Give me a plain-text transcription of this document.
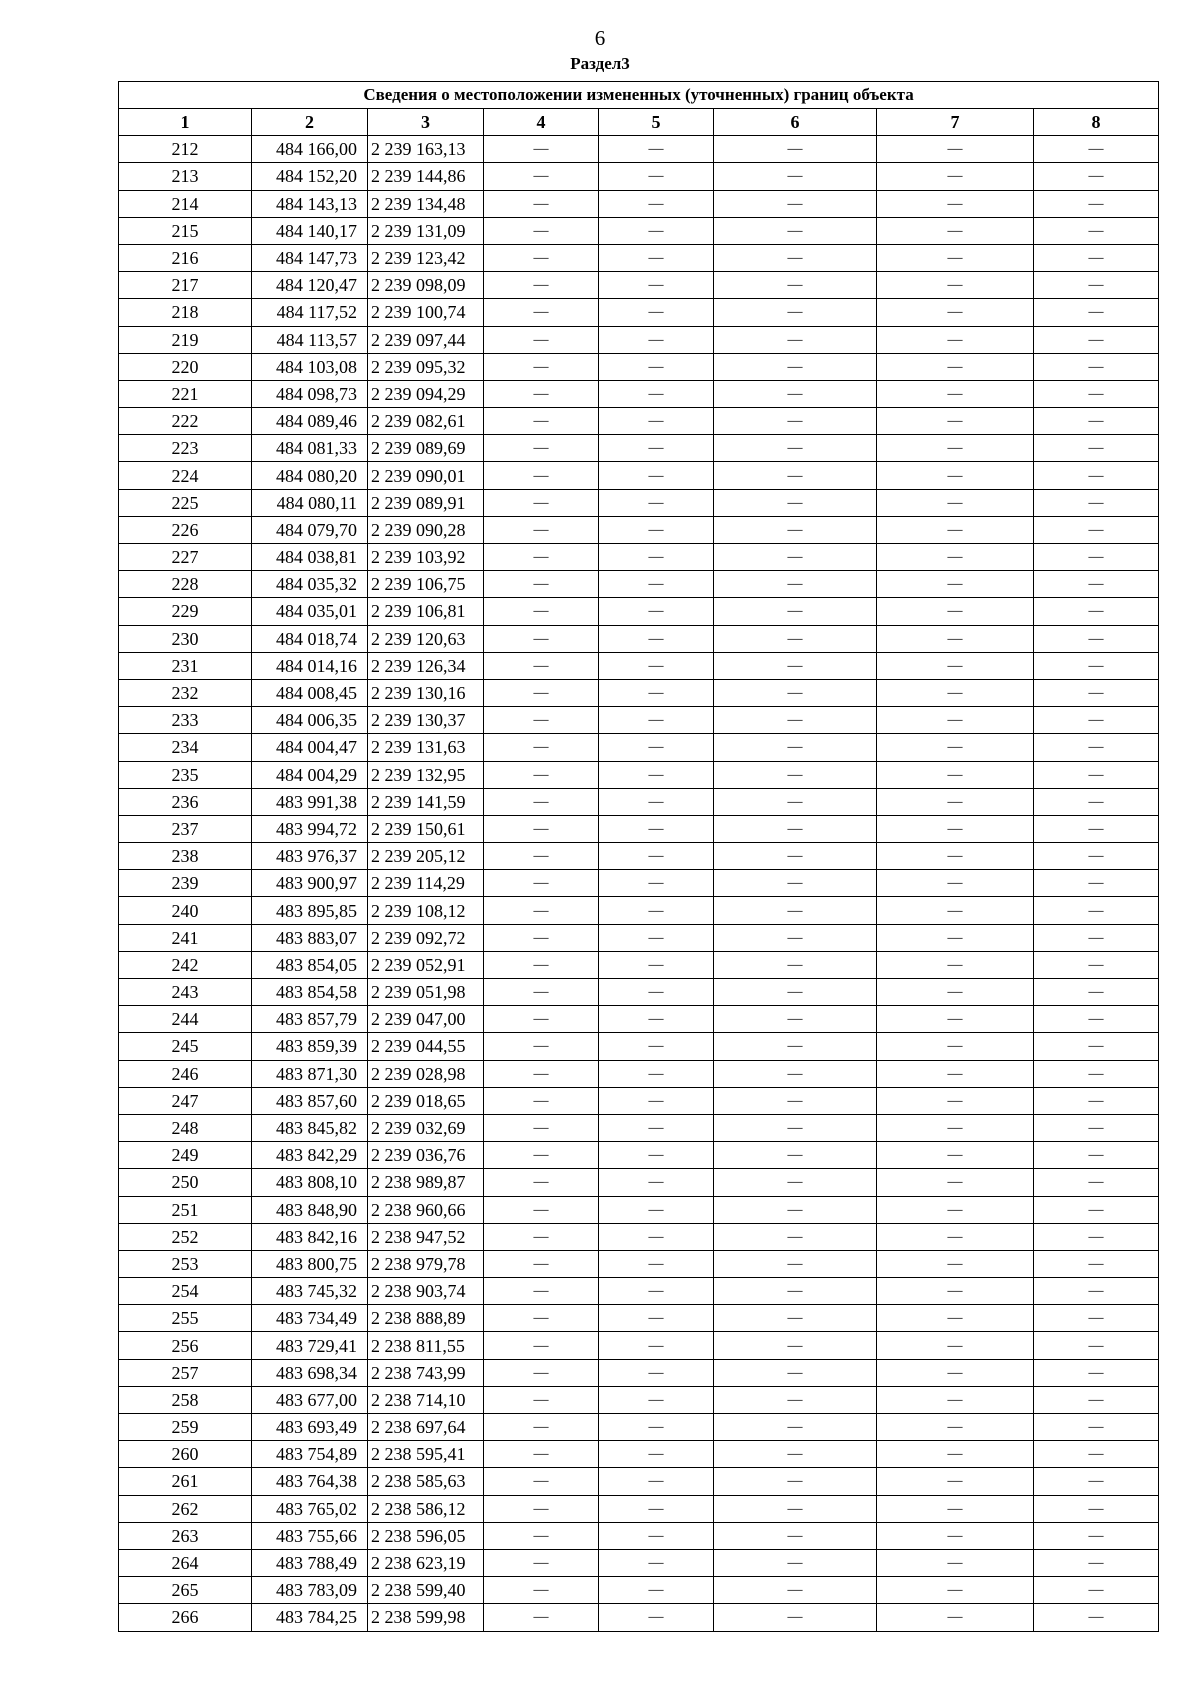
6
Раздел3
Сведения о местоположении измененных (уточненных) границ объекта							
1	2	3	4	5	6	7	8
212	484 166,00	2 239 163,13	—	—	—	—	—
213	484 152,20	2 239 144,86	—	—	—	—	—
214	484 143,13	2 239 134,48	—	—	—	—	—
215	484 140,17	2 239 131,09	—	—	—	—	—
216	484 147,73	2 239 123,42	—	—	—	—	—
217	484 120,47	2 239 098,09	—	—	—	—	—
218	484 117,52	2 239 100,74	—	—	—	—	—
219	484 113,57	2 239 097,44	—	—	—	—	—
220	484 103,08	2 239 095,32	—	—	—	—	—
221	484 098,73	2 239 094,29	—	—	—	—	—
222	484 089,46	2 239 082,61	—	—	—	—	—
223	484 081,33	2 239 089,69	—	—	—	—	—
224	484 080,20	2 239 090,01	—	—	—	—	—
225	484 080,11	2 239 089,91	—	—	—	—	—
226	484 079,70	2 239 090,28	—	—	—	—	—
227	484 038,81	2 239 103,92	—	—	—	—	—
228	484 035,32	2 239 106,75	—	—	—	—	—
229	484 035,01	2 239 106,81	—	—	—	—	—
230	484 018,74	2 239 120,63	—	—	—	—	—
231	484 014,16	2 239 126,34	—	—	—	—	—
232	484 008,45	2 239 130,16	—	—	—	—	—
233	484 006,35	2 239 130,37	—	—	—	—	—
234	484 004,47	2 239 131,63	—	—	—	—	—
235	484 004,29	2 239 132,95	—	—	—	—	—
236	483 991,38	2 239 141,59	—	—	—	—	—
237	483 994,72	2 239 150,61	—	—	—	—	—
238	483 976,37	2 239 205,12	—	—	—	—	—
239	483 900,97	2 239 114,29	—	—	—	—	—
240	483 895,85	2 239 108,12	—	—	—	—	—
241	483 883,07	2 239 092,72	—	—	—	—	—
242	483 854,05	2 239 052,91	—	—	—	—	—
243	483 854,58	2 239 051,98	—	—	—	—	—
244	483 857,79	2 239 047,00	—	—	—	—	—
245	483 859,39	2 239 044,55	—	—	—	—	—
246	483 871,30	2 239 028,98	—	—	—	—	—
247	483 857,60	2 239 018,65	—	—	—	—	—
248	483 845,82	2 239 032,69	—	—	—	—	—
249	483 842,29	2 239 036,76	—	—	—	—	—
250	483 808,10	2 238 989,87	—	—	—	—	—
251	483 848,90	2 238 960,66	—	—	—	—	—
252	483 842,16	2 238 947,52	—	—	—	—	—
253	483 800,75	2 238 979,78	—	—	—	—	—
254	483 745,32	2 238 903,74	—	—	—	—	—
255	483 734,49	2 238 888,89	—	—	—	—	—
256	483 729,41	2 238 811,55	—	—	—	—	—
257	483 698,34	2 238 743,99	—	—	—	—	—
258	483 677,00	2 238 714,10	—	—	—	—	—
259	483 693,49	2 238 697,64	—	—	—	—	—
260	483 754,89	2 238 595,41	—	—	—	—	—
261	483 764,38	2 238 585,63	—	—	—	—	—
262	483 765,02	2 238 586,12	—	—	—	—	—
263	483 755,66	2 238 596,05	—	—	—	—	—
264	483 788,49	2 238 623,19	—	—	—	—	—
265	483 783,09	2 238 599,40	—	—	—	—	—
266	483 784,25	2 238 599,98	—	—	—	—	—
